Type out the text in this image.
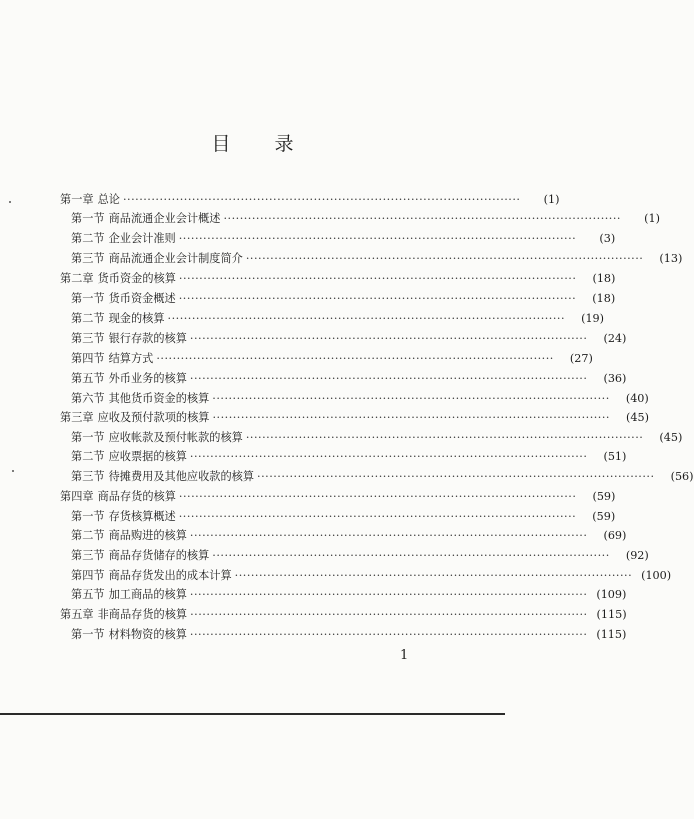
目 录
第一章 总论 ··································································································	(1)
第一节 商品流通企业会计概述 ··································································································	(1)
第二节 企业会计准则 ··································································································	(3)
第三节 商品流通企业会计制度简介 ··································································································	(13)
第二章 货币资金的核算 ··································································································	(18)
第一节 货币资金概述 ··································································································	(18)
第二节 现金的核算 ··································································································	(19)
第三节 银行存款的核算 ··································································································	(24)
第四节 结算方式 ··································································································	(27)
第五节 外币业务的核算 ··································································································	(36)
第六节 其他货币资金的核算 ··································································································	(40)
第三章 应收及预付款项的核算 ··································································································	(45)
第一节 应收帐款及预付帐款的核算 ··································································································	(45)
第二节 应收票据的核算 ··································································································	(51)
第三节 待摊费用及其他应收款的核算 ··································································································	(56)
第四章 商品存货的核算 ··································································································	(59)
第一节 存货核算概述 ··································································································	(59)
第二节 商品购进的核算 ··································································································	(69)
第三节 商品存货储存的核算 ··································································································	(92)
第四节 商品存货发出的成本计算 ·································································································· (100)
第五节 加工商品的核算 ·································································································· (109)
第五章 非商品存货的核算 ·································································································· (115)
第一节 材料物资的核算 ·································································································· (115)
1
